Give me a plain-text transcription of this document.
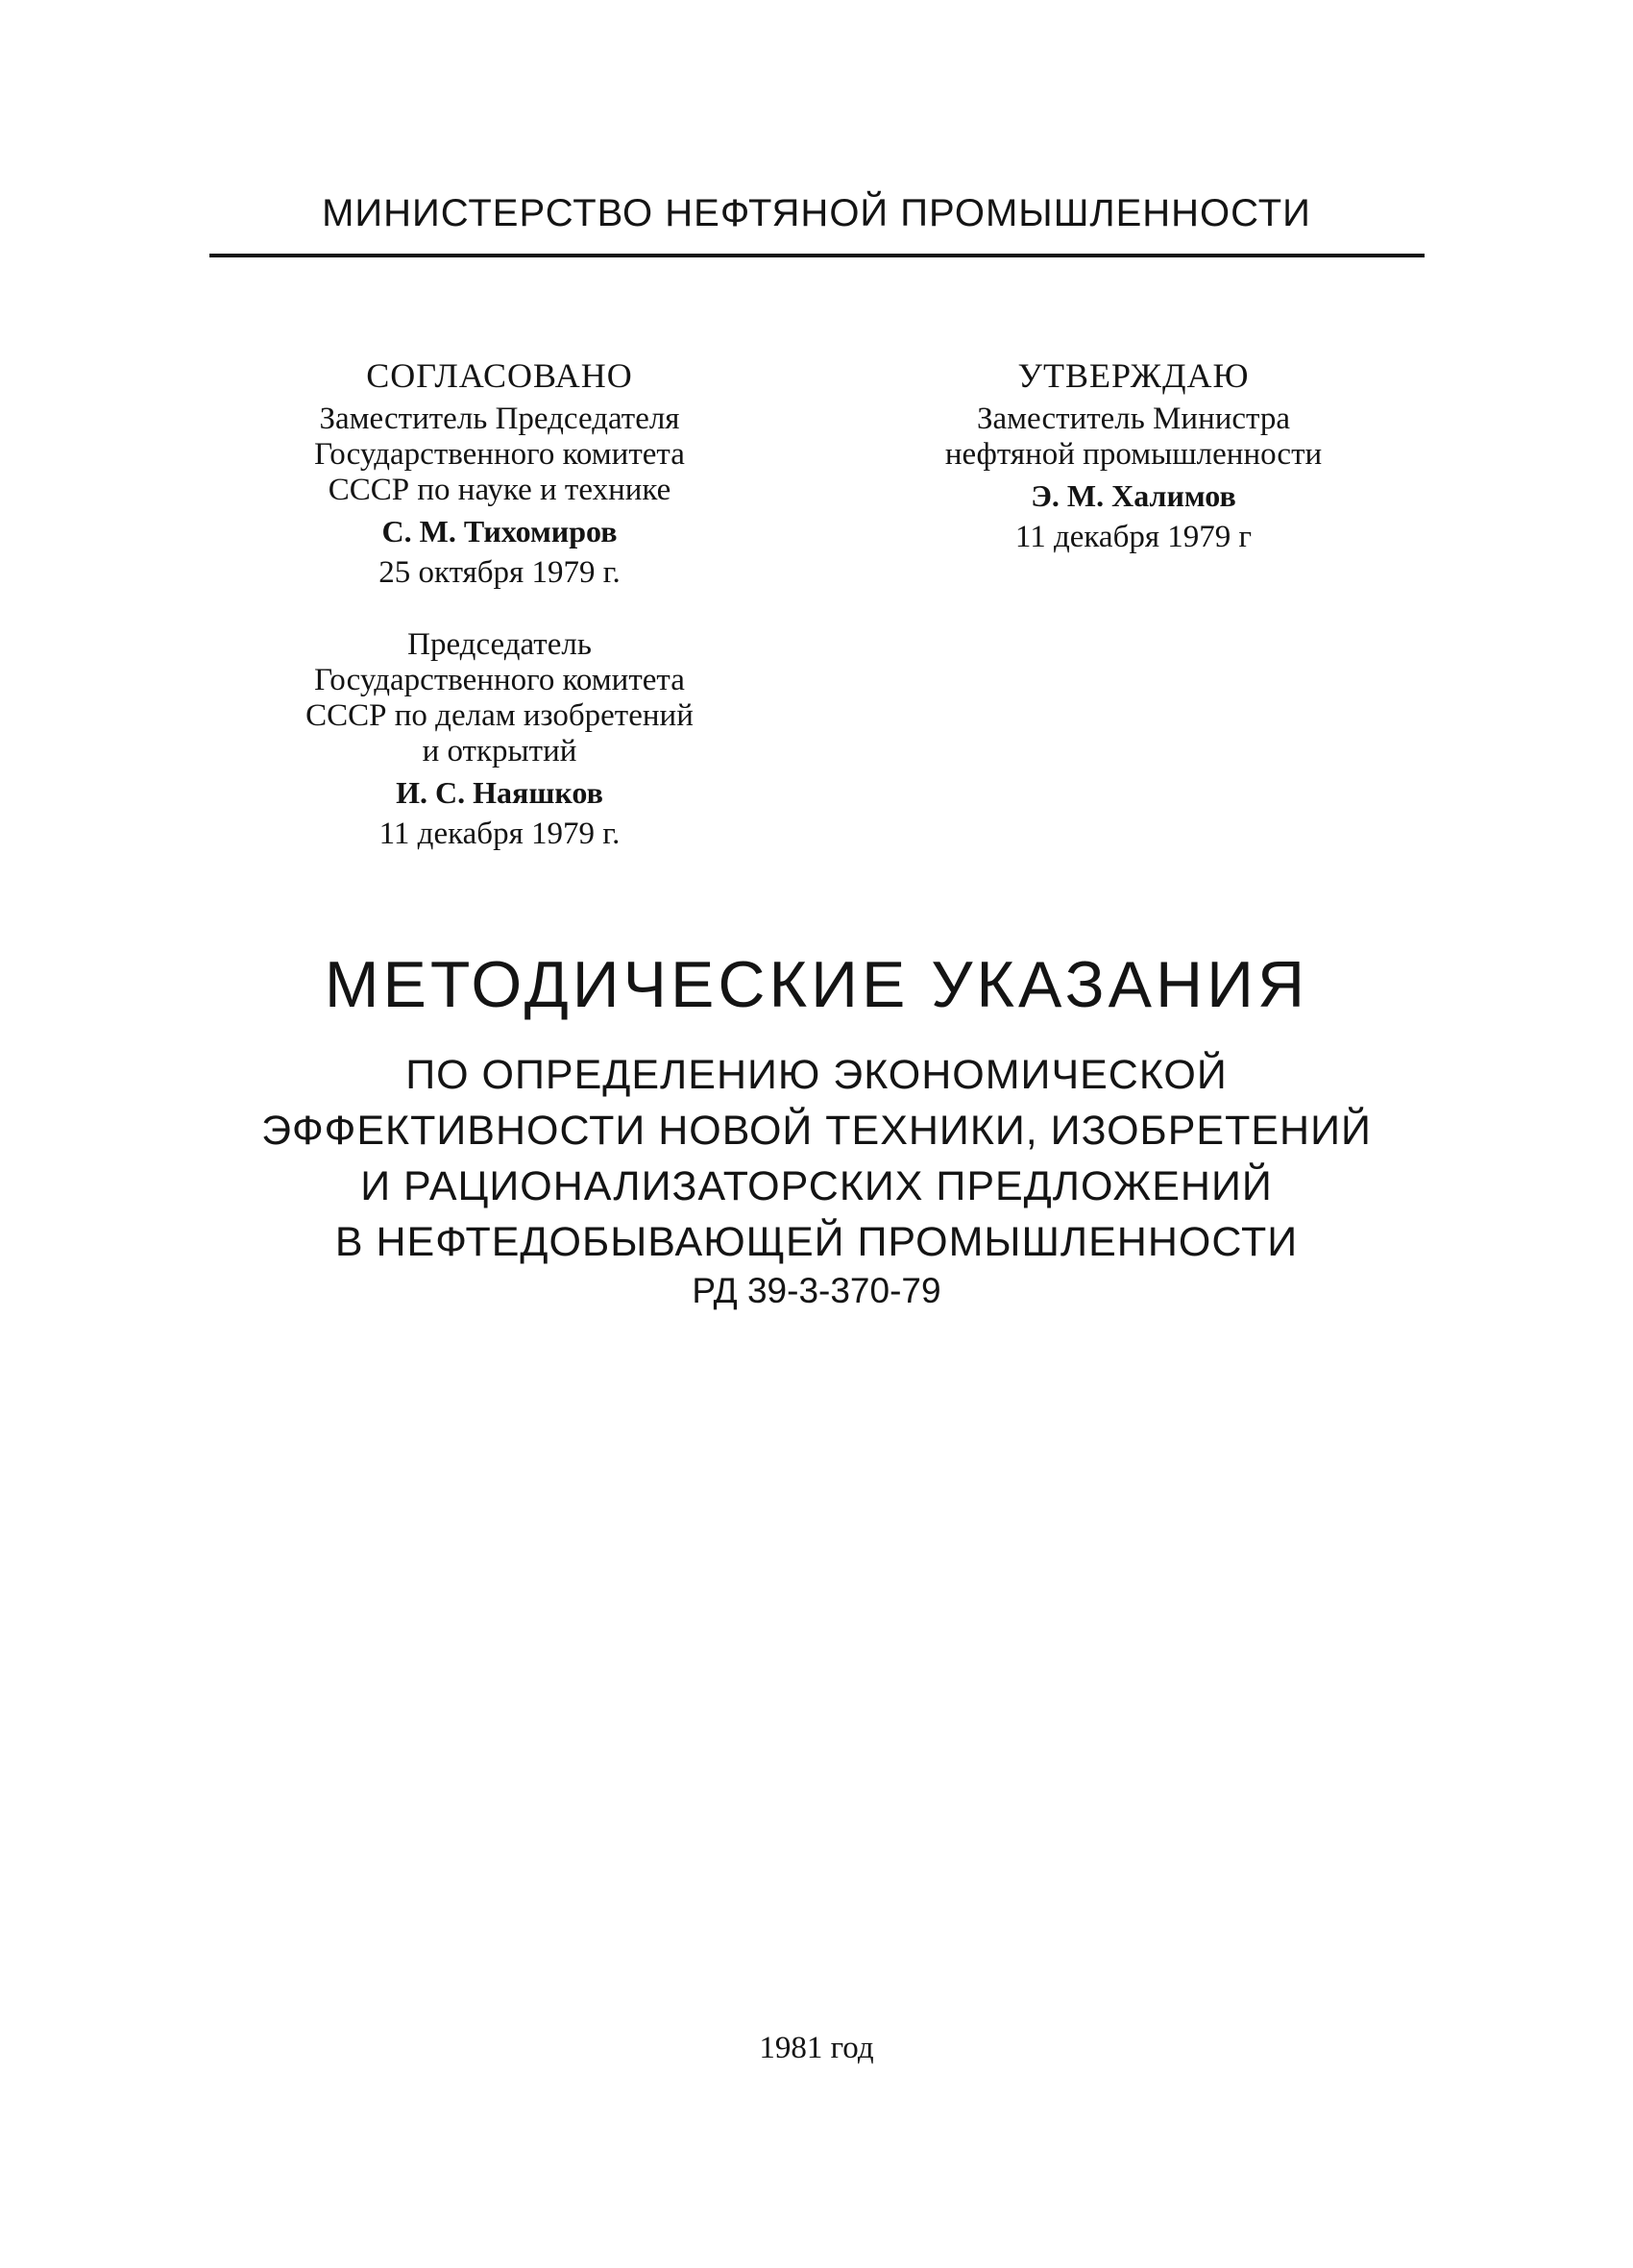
МИНИСТЕРСТВО НЕФТЯНОЙ ПРОМЫШЛЕННОСТИ
СОГЛАСОВАНО
Заместитель Председателя
Государственного комитета
СССР по науке и технике
С. М. Тихомиров
25 октября 1979 г.
Председатель
Государственного комитета
СССР по делам изобретений
и открытий
И. С. Наяшков
11 декабря 1979 г.
УТВЕРЖДАЮ
Заместитель Министра
нефтяной промышленности
Э. М. Халимов
11 декабря 1979 г
МЕТОДИЧЕСКИЕ УКАЗАНИЯ
ПО ОПРЕДЕЛЕНИЮ ЭКОНОМИЧЕСКОЙ
ЭФФЕКТИВНОСТИ НОВОЙ ТЕХНИКИ, ИЗОБРЕТЕНИЙ
И РАЦИОНАЛИЗАТОРСКИХ ПРЕДЛОЖЕНИЙ
В НЕФТЕДОБЫВАЮЩЕЙ ПРОМЫШЛЕННОСТИ
РД 39-3-370-79
1981 год
